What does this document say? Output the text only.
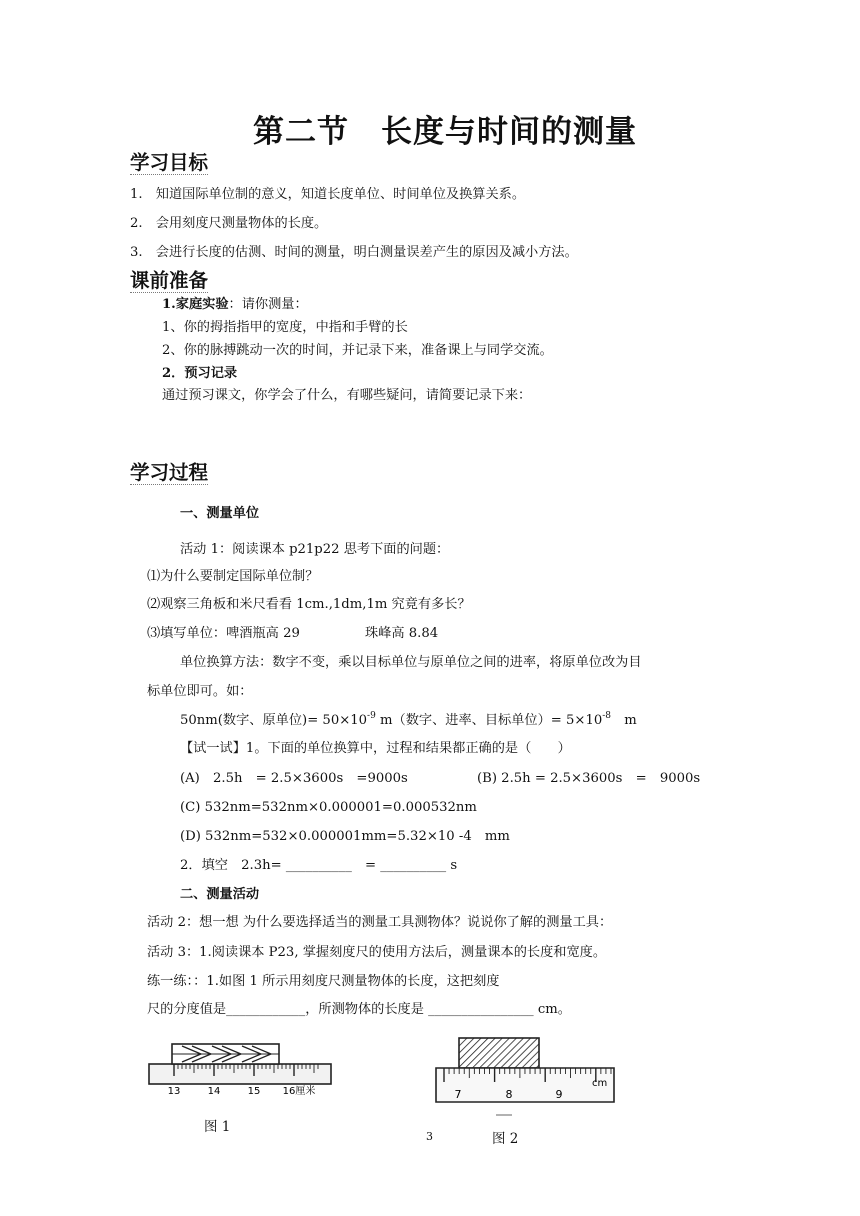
第二节　长度与时间的测量
学习目标
1.　知道国际单位制的意义，知道长度单位、时间单位及换算关系。
2.　会用刻度尺测量物体的长度。
3.　会进行长度的估测、时间的测量，明白测量误差产生的原因及减小方法。
课前准备
1.家庭实验：请你测量：
1、你的拇指指甲的宽度，中指和手臂的长
2、你的脉搏跳动一次的时间，并记录下来，准备课上与同学交流。
2．预习记录
通过预习课文，你学会了什么，有哪些疑问，请简要记录下来：
学习过程
一、测量单位
活动 1：阅读课本 p21p22 思考下面的问题：
⑴为什么要制定国际单位制？
⑵观察三角板和米尺看看 1cm.,1dm,1m 究竟有多长？
⑶填写单位：啤酒瓶高 29	珠峰高 8.84
单位换算方法：数字不变，乘以目标单位与原单位之间的进率，将原单位改为目
标单位即可。如：
50nm(数字、原单位)= $50\times 10^{-9}$ m（数字、进率、目标单位）= $5\times 10^{-8}$　m
【试一试】1。下面的单位换算中，过程和结果都正确的是（　　）
(A)　2.5h　= 2.5×3600s　=9000s	(B) 2.5h = 2.5×3600s　=　9000s
(C) 532nm=532nm×0.000001=0.000532nm
(D) 532nm=532×0.000001mm=5.32×10 -4　mm
2．填空　2.3h= __________　= __________ s
二、测量活动
活动 2：想一想 为什么要选择适当的测量工具测物体？说说你了解的测量工具：
活动 3：1.阅读课本 P23, 掌握刻度尺的使用方法后，测量课本的长度和宽度。
练一练：：1.如图 1 所示用刻度尺测量物体的长度，这把刻度
尺的分度值是____________，所测物体的长度是 ________________ cm。
13	14	15 16厘米
图 1
7	8	9
cm
图 2
3
